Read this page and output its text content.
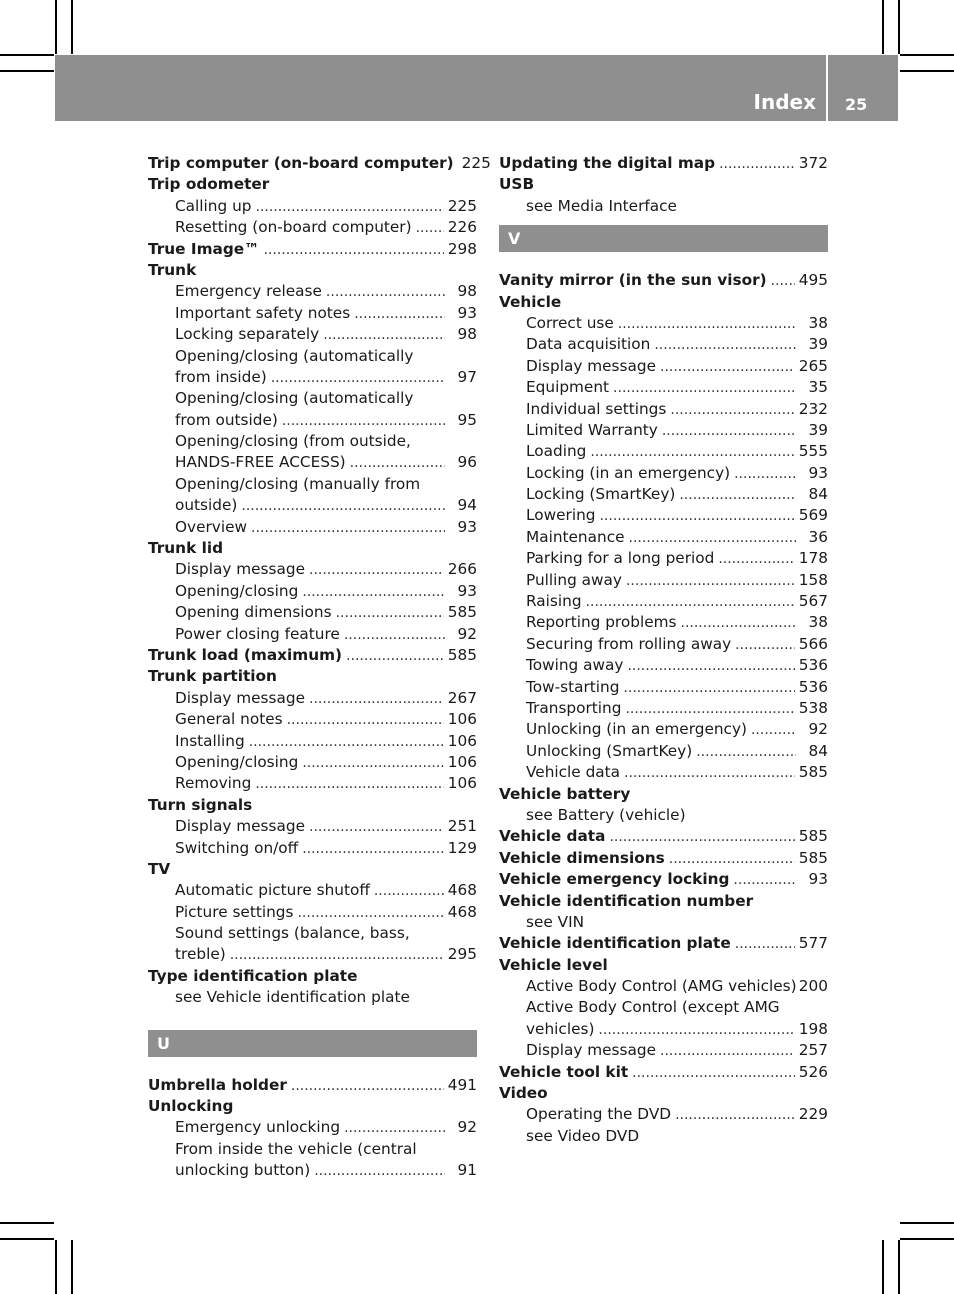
Index 25
Trip computer (on-board computer) 225
Trip odometer
Calling up .....	225
Resetting (on-board computer) ..... 226
True Image™ .....	298
Trunk
Emergency release .....	98
Important safety notes .....	93
Locking separately .....	98
Opening/closing (automatically
from inside) .....	97
Opening/closing (automatically
from outside) .....	95
Opening/closing (from outside,
HANDS-FREE ACCESS) .....	96
Opening/closing (manually from
outside) .....	94
Overview .....	93
Trunk lid
Display message .....	266
Opening/closing .....	93
Opening dimensions .....	585
Power closing feature .....	92
Trunk load (maximum) .....	585
Trunk partition
Display message .....	267
General notes .....	106
Installing .....	106
Opening/closing .....	106
Removing .....	106
Turn signals
Display message .....	251
Switching on/off .....	129
TV
Automatic picture shutoff .....	468
Picture settings .....	468
Sound settings (balance, bass,
treble) .....	295
Type identification plate
see Vehicle identification plate
U
Umbrella holder .....	491
Unlocking
Emergency unlocking .....	92
From inside the vehicle (central
unlocking button) .....	91
Updating the digital map .....	372
USB
see Media Interface
V
Vanity mirror (in the sun visor) ..... 495
Vehicle
Correct use .....	38
Data acquisition .....	39
Display message .....	265
Equipment .....	35
Individual settings .....	232
Limited Warranty .....	39
Loading .....	555
Locking (in an emergency) .....	93
Locking (SmartKey) .....	84
Lowering .....	569
Maintenance .....	36
Parking for a long period .....	178
Pulling away .....	158
Raising .....	567
Reporting problems .....	38
Securing from rolling away .....	566
Towing away .....	536
Tow-starting .....	536
Transporting .....	538
Unlocking (in an emergency) .....	92
Unlocking (SmartKey) .....	84
Vehicle data .....	585
Vehicle battery
see Battery (vehicle)
Vehicle data .....	585
Vehicle dimensions .....	585
Vehicle emergency locking .....	93
Vehicle identification number
see VIN
Vehicle identification plate .....	577
Vehicle level
Active Body Control (AMG vehicles) 200
Active Body Control (except AMG
vehicles) .....	198
Display message .....	257
Vehicle tool kit .....	526
Video
Operating the DVD .....	229
see Video DVD
